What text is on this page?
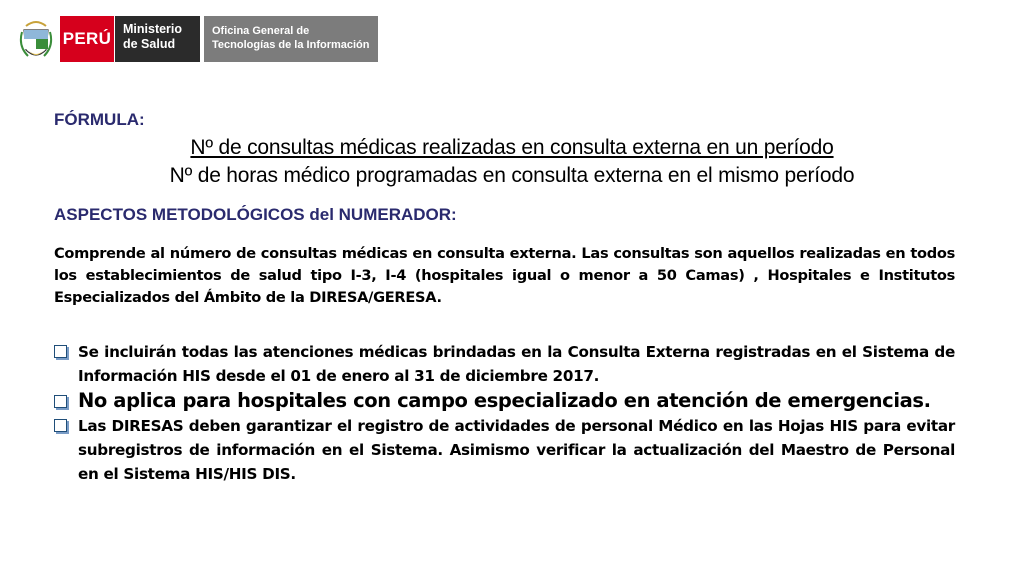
PERÚ Ministerio
de Salud
Oficina General de
Tecnologías de la Información
FÓRMULA:
Nº de consultas médicas realizadas en consulta externa en un período
Nº de horas médico programadas en consulta externa en el mismo período
ASPECTOS METODOLÓGICOS del NUMERADOR:
Comprende al número de consultas médicas en consulta externa. Las consultas son aquellos realizadas en todos los establecimientos de salud tipo I-3, I-4 (hospitales igual o menor a 50 Camas) , Hospitales e Institutos Especializados del Ámbito de la DIRESA/GERESA.
Se incluirán todas las atenciones médicas brindadas en la Consulta Externa registradas en el Sistema de Información HIS desde el 01 de enero al 31 de diciembre 2017.
No aplica para hospitales con campo especializado en atención de emergencias.
Las DIRESAS deben garantizar el registro de actividades de personal Médico en las Hojas HIS para evitar subregistros de información en el Sistema. Asimismo verificar la actualización del Maestro de Personal en el Sistema HIS/HIS DIS.
